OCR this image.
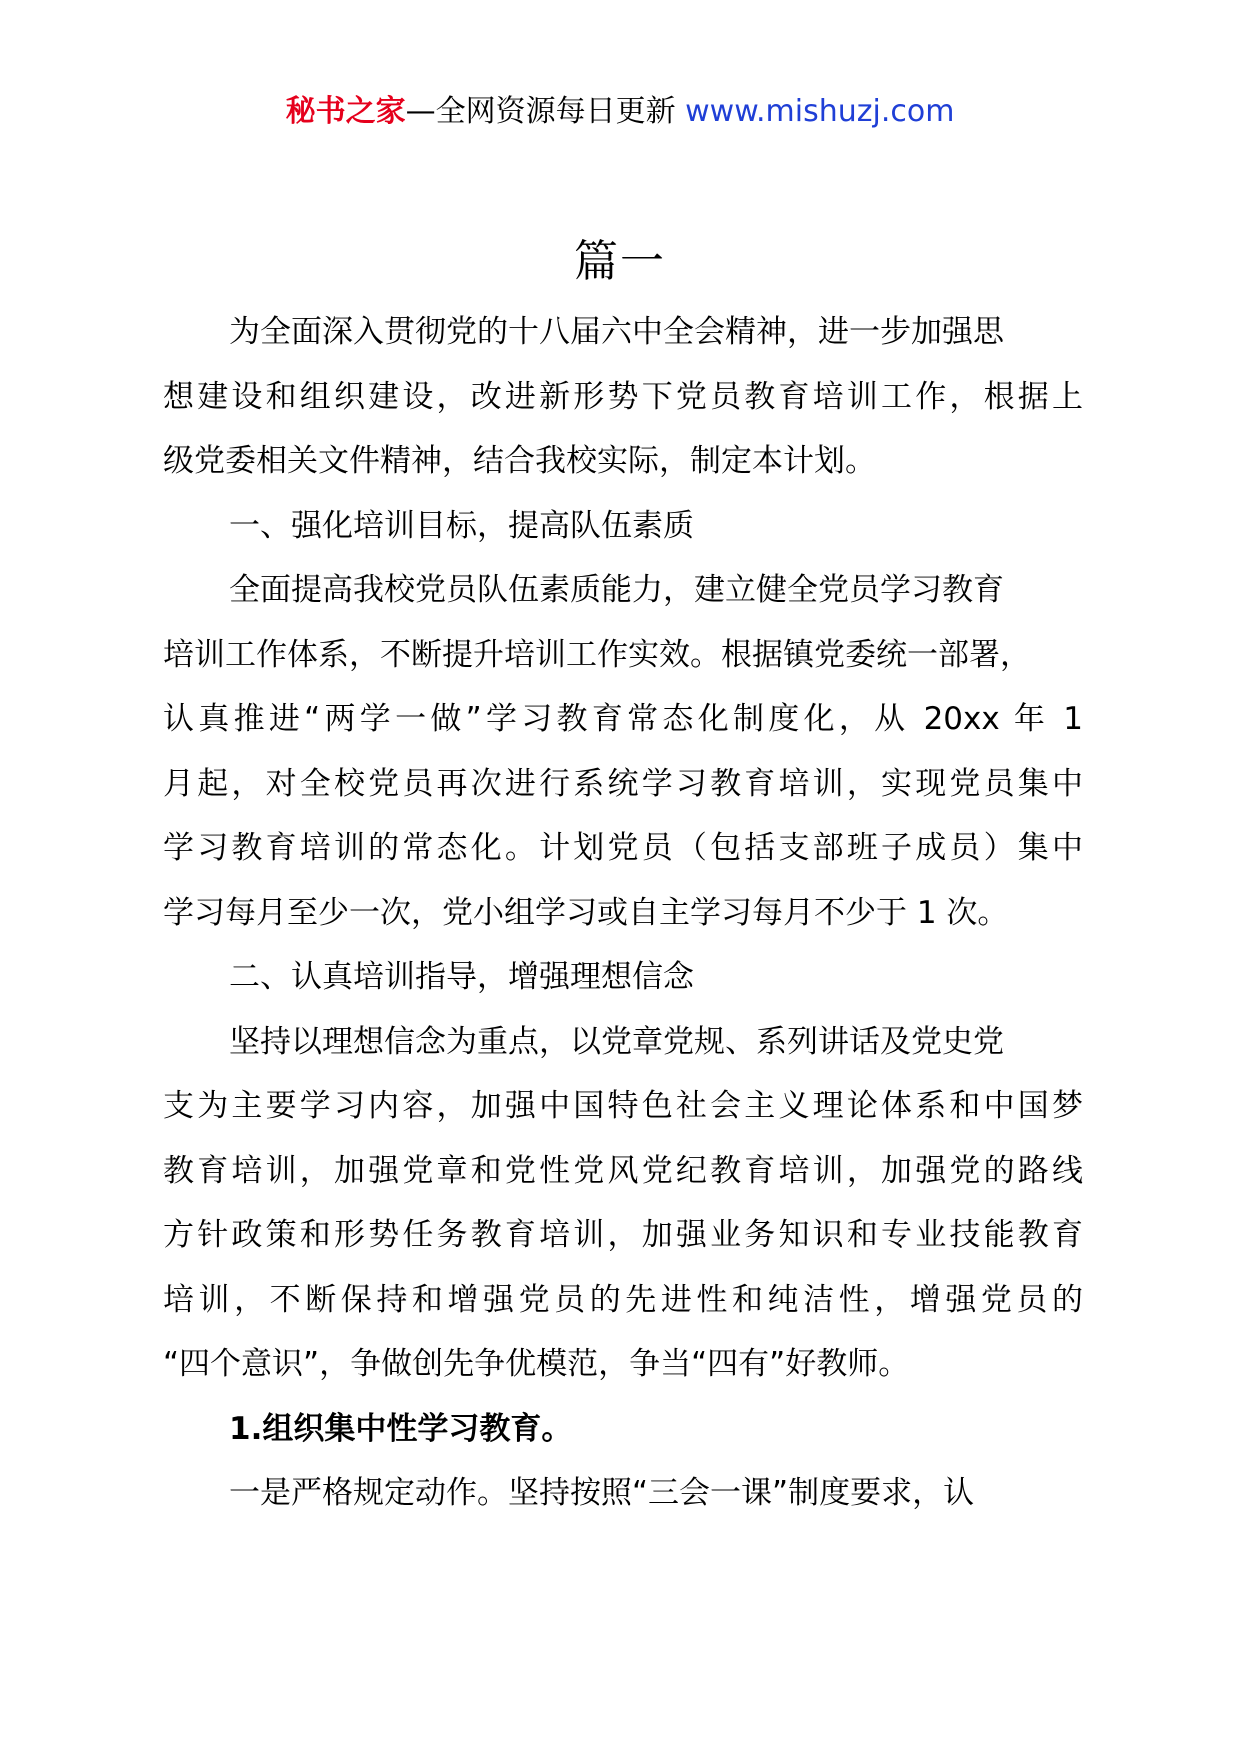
秘书之家—全网资源每日更新 www.mishuzj.com
篇一
为全面深入贯彻党的十八届六中全会精神，进一步加强思
想建设和组织建设，改进新形势下党员教育培训工作，根据上
级党委相关文件精神，结合我校实际，制定本计划。
一、强化培训目标，提高队伍素质
全面提高我校党员队伍素质能力，建立健全党员学习教育
培训工作体系，不断提升培训工作实效。根据镇党委统一部署，
认真推进“两学一做”学习教育常态化制度化，从 20xx 年 1
月起，对全校党员再次进行系统学习教育培训，实现党员集中
学习教育培训的常态化。计划党员（包括支部班子成员）集中
学习每月至少一次，党小组学习或自主学习每月不少于 1 次。
二、认真培训指导，增强理想信念
坚持以理想信念为重点，以党章党规、系列讲话及党史党
支为主要学习内容，加强中国特色社会主义理论体系和中国梦
教育培训，加强党章和党性党风党纪教育培训，加强党的路线
方针政策和形势任务教育培训，加强业务知识和专业技能教育
培训，不断保持和增强党员的先进性和纯洁性，增强党员的
“四个意识”，争做创先争优模范，争当“四有”好教师。
1.组织集中性学习教育。
一是严格规定动作。坚持按照“三会一课”制度要求，认
